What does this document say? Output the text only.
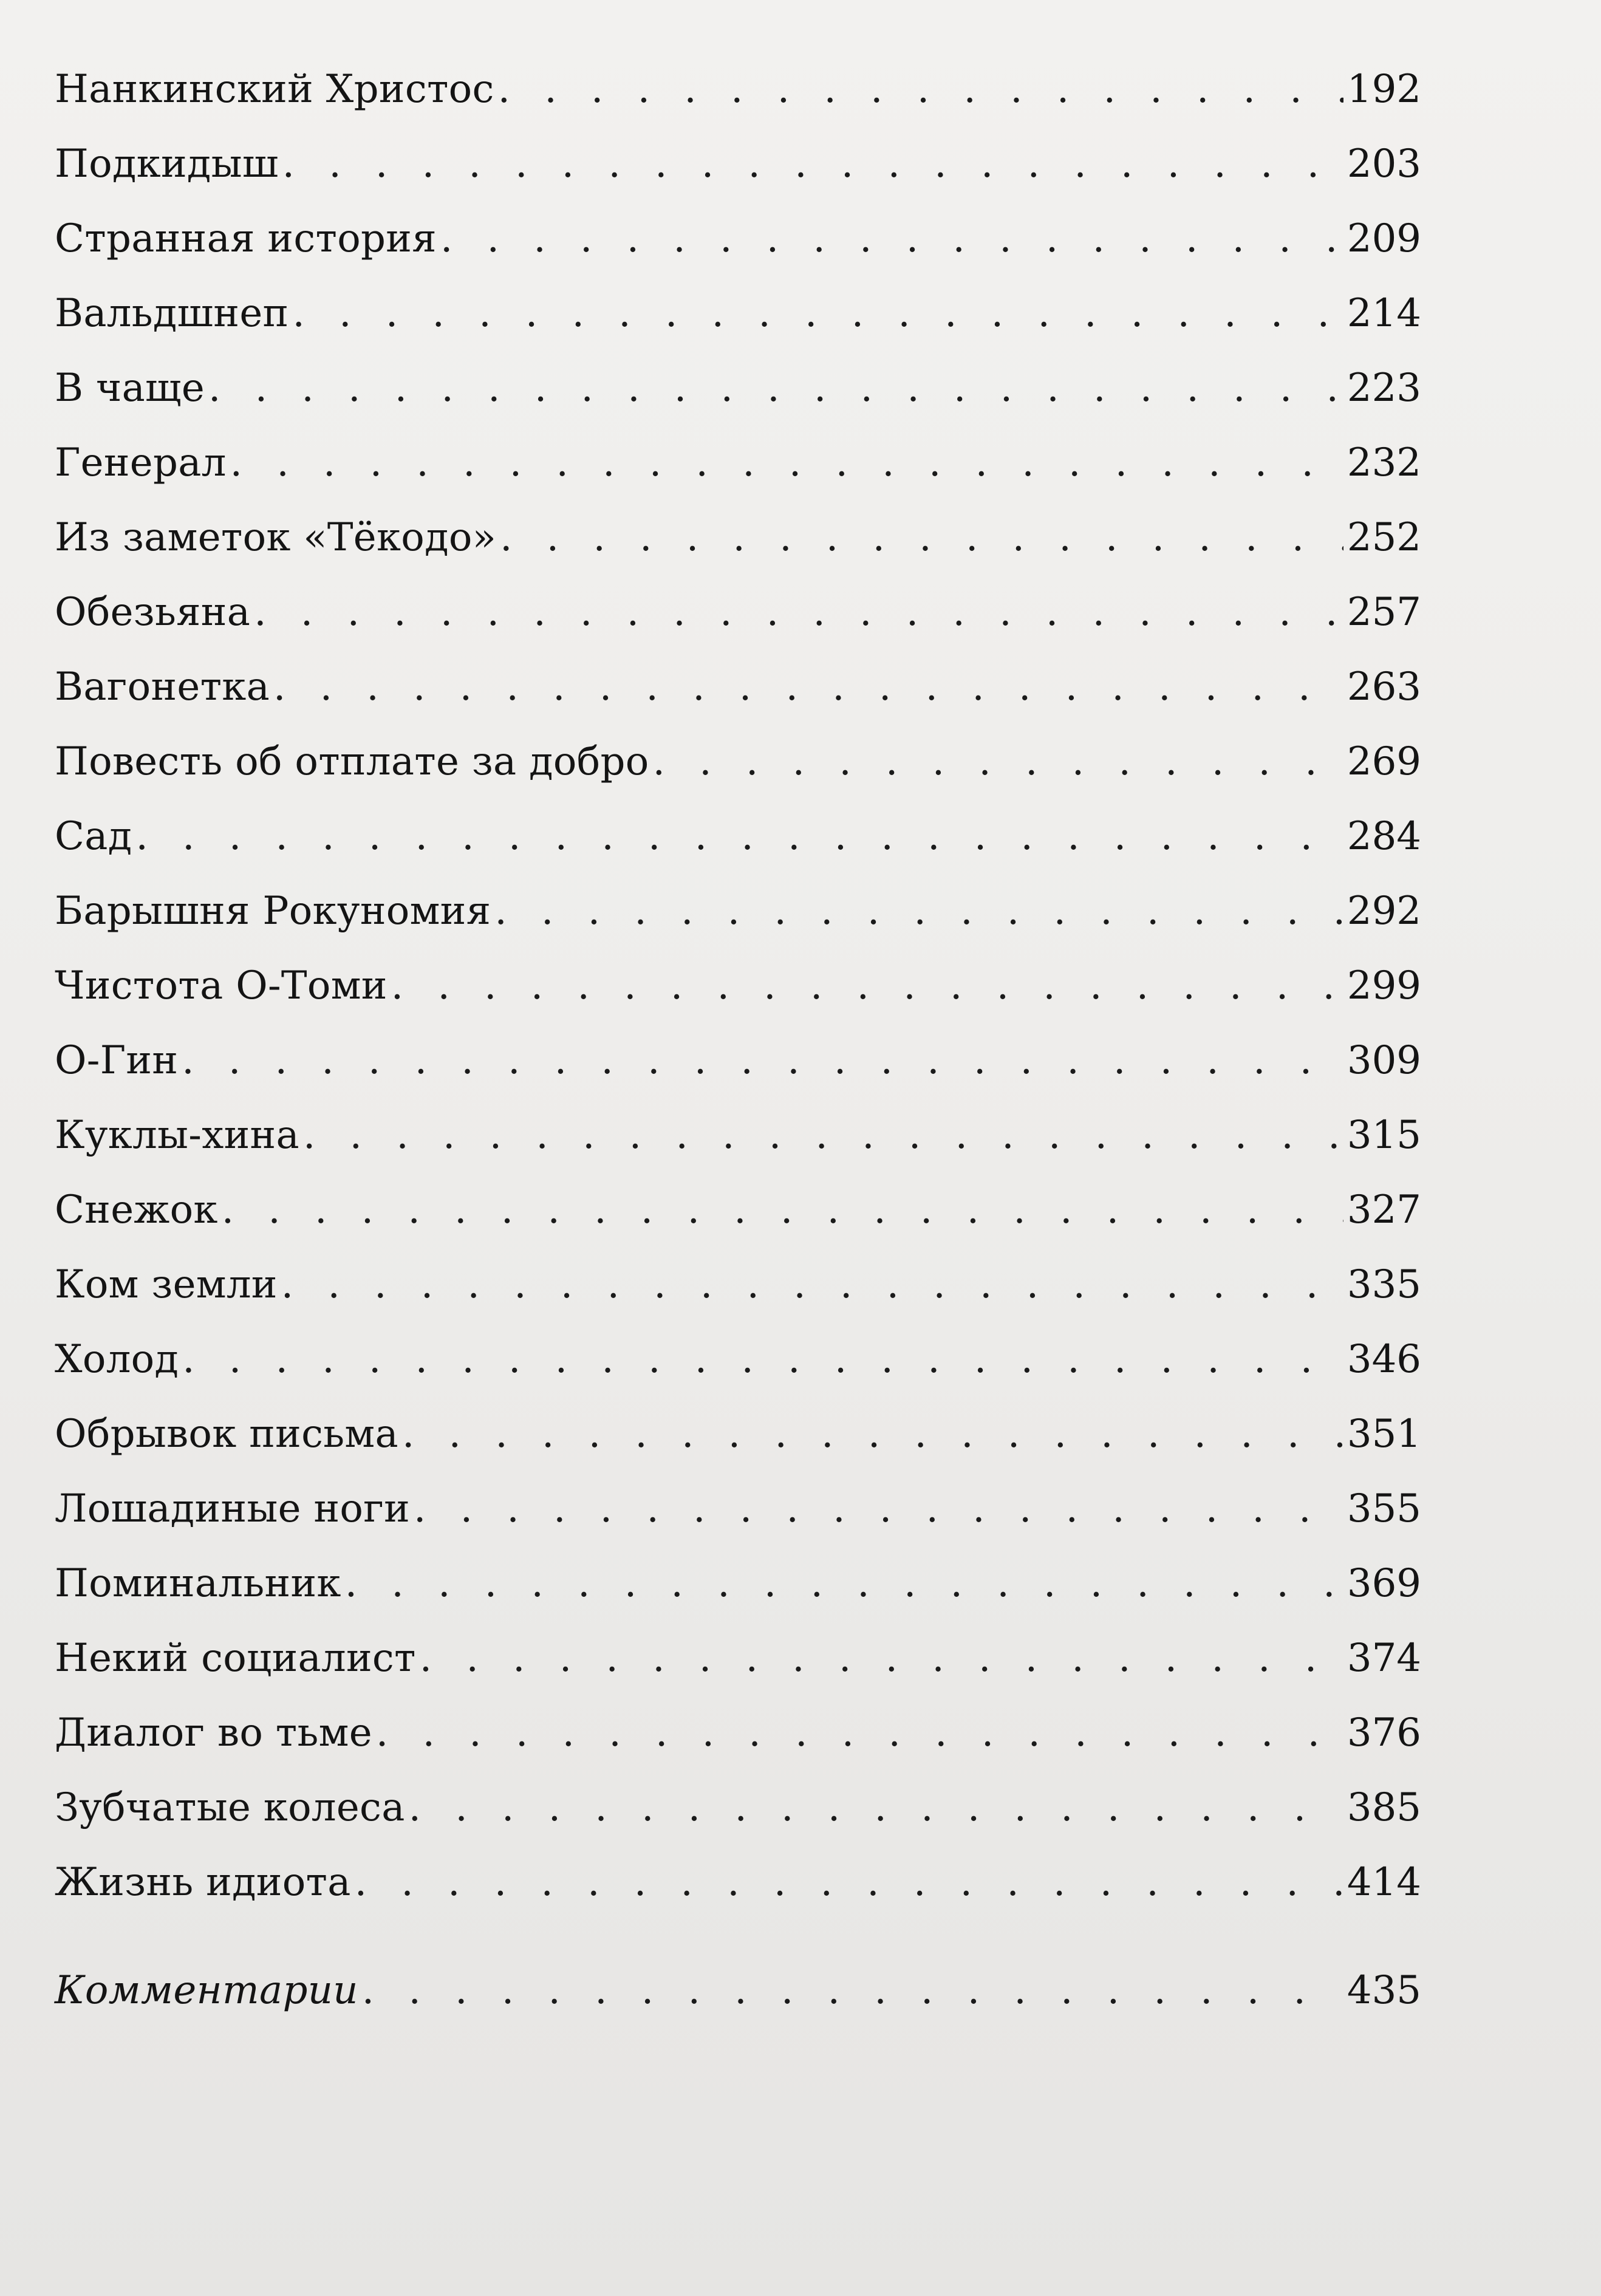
Нанкинский Христос . . .	192
Подкидыш . . .	203
Странная история . . .	209
Вальдшнеп . . .	214
В чаще . . .	223
Генерал . . .	232
Из заметок «Тёкодо» . . .	252
Обезьяна . . .	257
Вагонетка . . .	263
Повесть об отплате за добро . . .	269
Сад . . .	284
Барышня Рокуномия . . .	292
Чистота О-Томи . . .	299
О-Гин . . .	309
Куклы-хина . . .	315
Снежок . . .	327
Ком земли . . .	335
Холод . . .	346
Обрывок письма . . .	351
Лошадиные ноги . . .	355
Поминальник . . .	369
Некий социалист . . .	374
Диалог во тьме . . .	376
Зубчатые колеса . . .	385
Жизнь идиота . . .	414
Комментарии . . .	435
